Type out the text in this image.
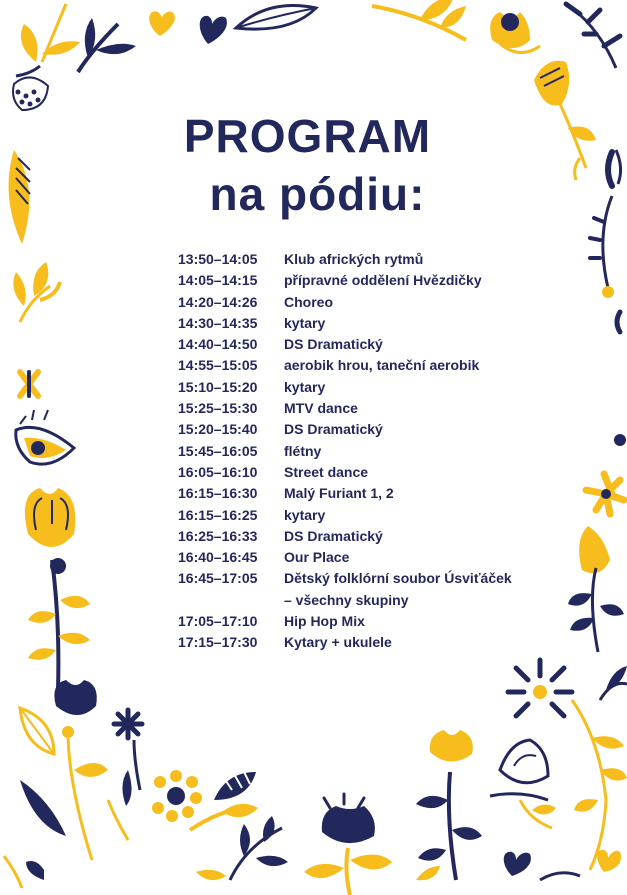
PROGRAM
na pódiu:
13:50–14:05	Klub afrických rytmů
14:05–14:15	přípravné oddělení Hvězdičky
14:20–14:26	Choreo
14:30–14:35	kytary
14:40–14:50	DS Dramatický
14:55–15:05	aerobik hrou, taneční aerobik
15:10–15:20	kytary
15:25–15:30	MTV dance
15:20–15:40	DS Dramatický
15:45–16:05	flétny
16:05–16:10	Street dance
16:15–16:30	Malý Furiant 1, 2
16:15–16:25	kytary
16:25–16:33	DS Dramatický
16:40–16:45	Our Place
16:45–17:05	Dětský folklórní soubor Úsviťáček
– všechny skupiny
17:05–17:10	Hip Hop Mix
17:15–17:30	Kytary + ukulele
